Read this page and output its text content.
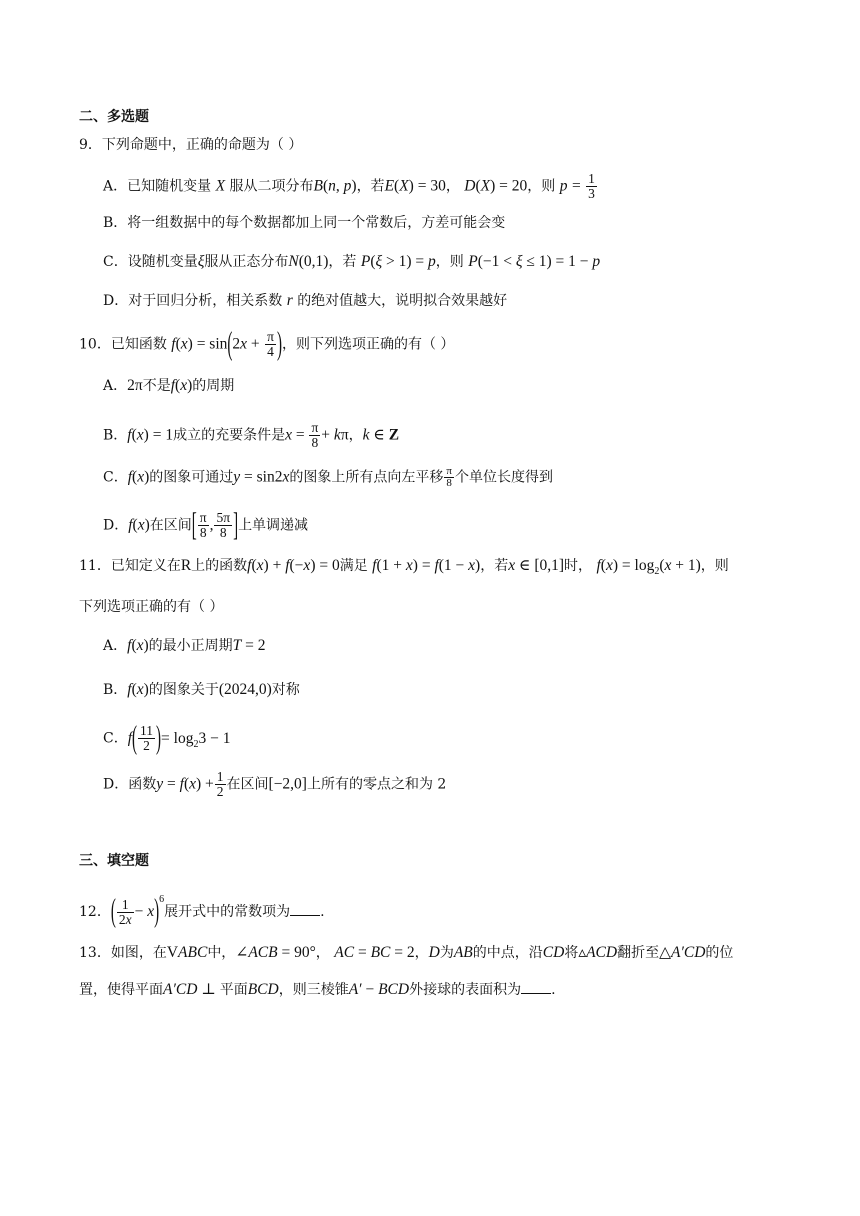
二、多选题
9．下列命题中，正确的命题为（ ）
A．已知随机变量 X 服从二项分布B(n, p)，若E(X) = 30， D(X) = 20，则 $p = \frac{1}{3}$
B．将一组数据中的每个数据都加上同一个常数后，方差可能会变
C．设随机变量ξ服从正态分布N(0,1)，若 P(ξ > 1) = p，则 P(−1 < ξ ≤ 1) = 1 − p
D．对于回归分析，相关系数 r 的绝对值越大，说明拟合效果越好
10．已知函数 $f(x) = \sin(2x + \frac{\pi}{4}$ )，则下列选项正确的有（ ）
A．2π不是f(x)的周期
B．f(x) = 1成立的充要条件是$x = \frac{\pi}{8} + k\pi$，k ∈ Z
C．f(x)的图象可通过y = sin2x的图象上所有点向左平移 $\frac{\pi}{8}$ 个单位长度得到
D．f(x)在区间[ $\frac{\pi}{8}$ , $\frac{5\pi}{8}$ ]上单调递减
11．已知定义在R上的函数f(x) + f(−x) = 0满足 f(1 + x) = f(1 − x)，若x ∈ [0,1]时， $f(x) = \log_2(x + 1)$，则
下列选项正确的有（ ）
A．f(x)的最小正周期T = 2
B．f(x)的图象关于(2024,0)对称
C．$f( \frac{11}{2}$ )= $\log_23 - 1$
D．函数$y = f(x) + \frac{1}{2}$ 在区间[−2,0]上所有的零点之和为 2
三、填空题
12．( $\frac{1}{2x} - x)^6$展开式中的常数项为 .
13．如图，在VABC中，∠ACB = 90°， AC = BC = 2，D为AB的中点，沿CD将▵ACD翻折至△A′CD的位
置，使得平面A′CD ⊥ 平面BCD，则三棱锥A′ − BCD外接球的表面积为 .
